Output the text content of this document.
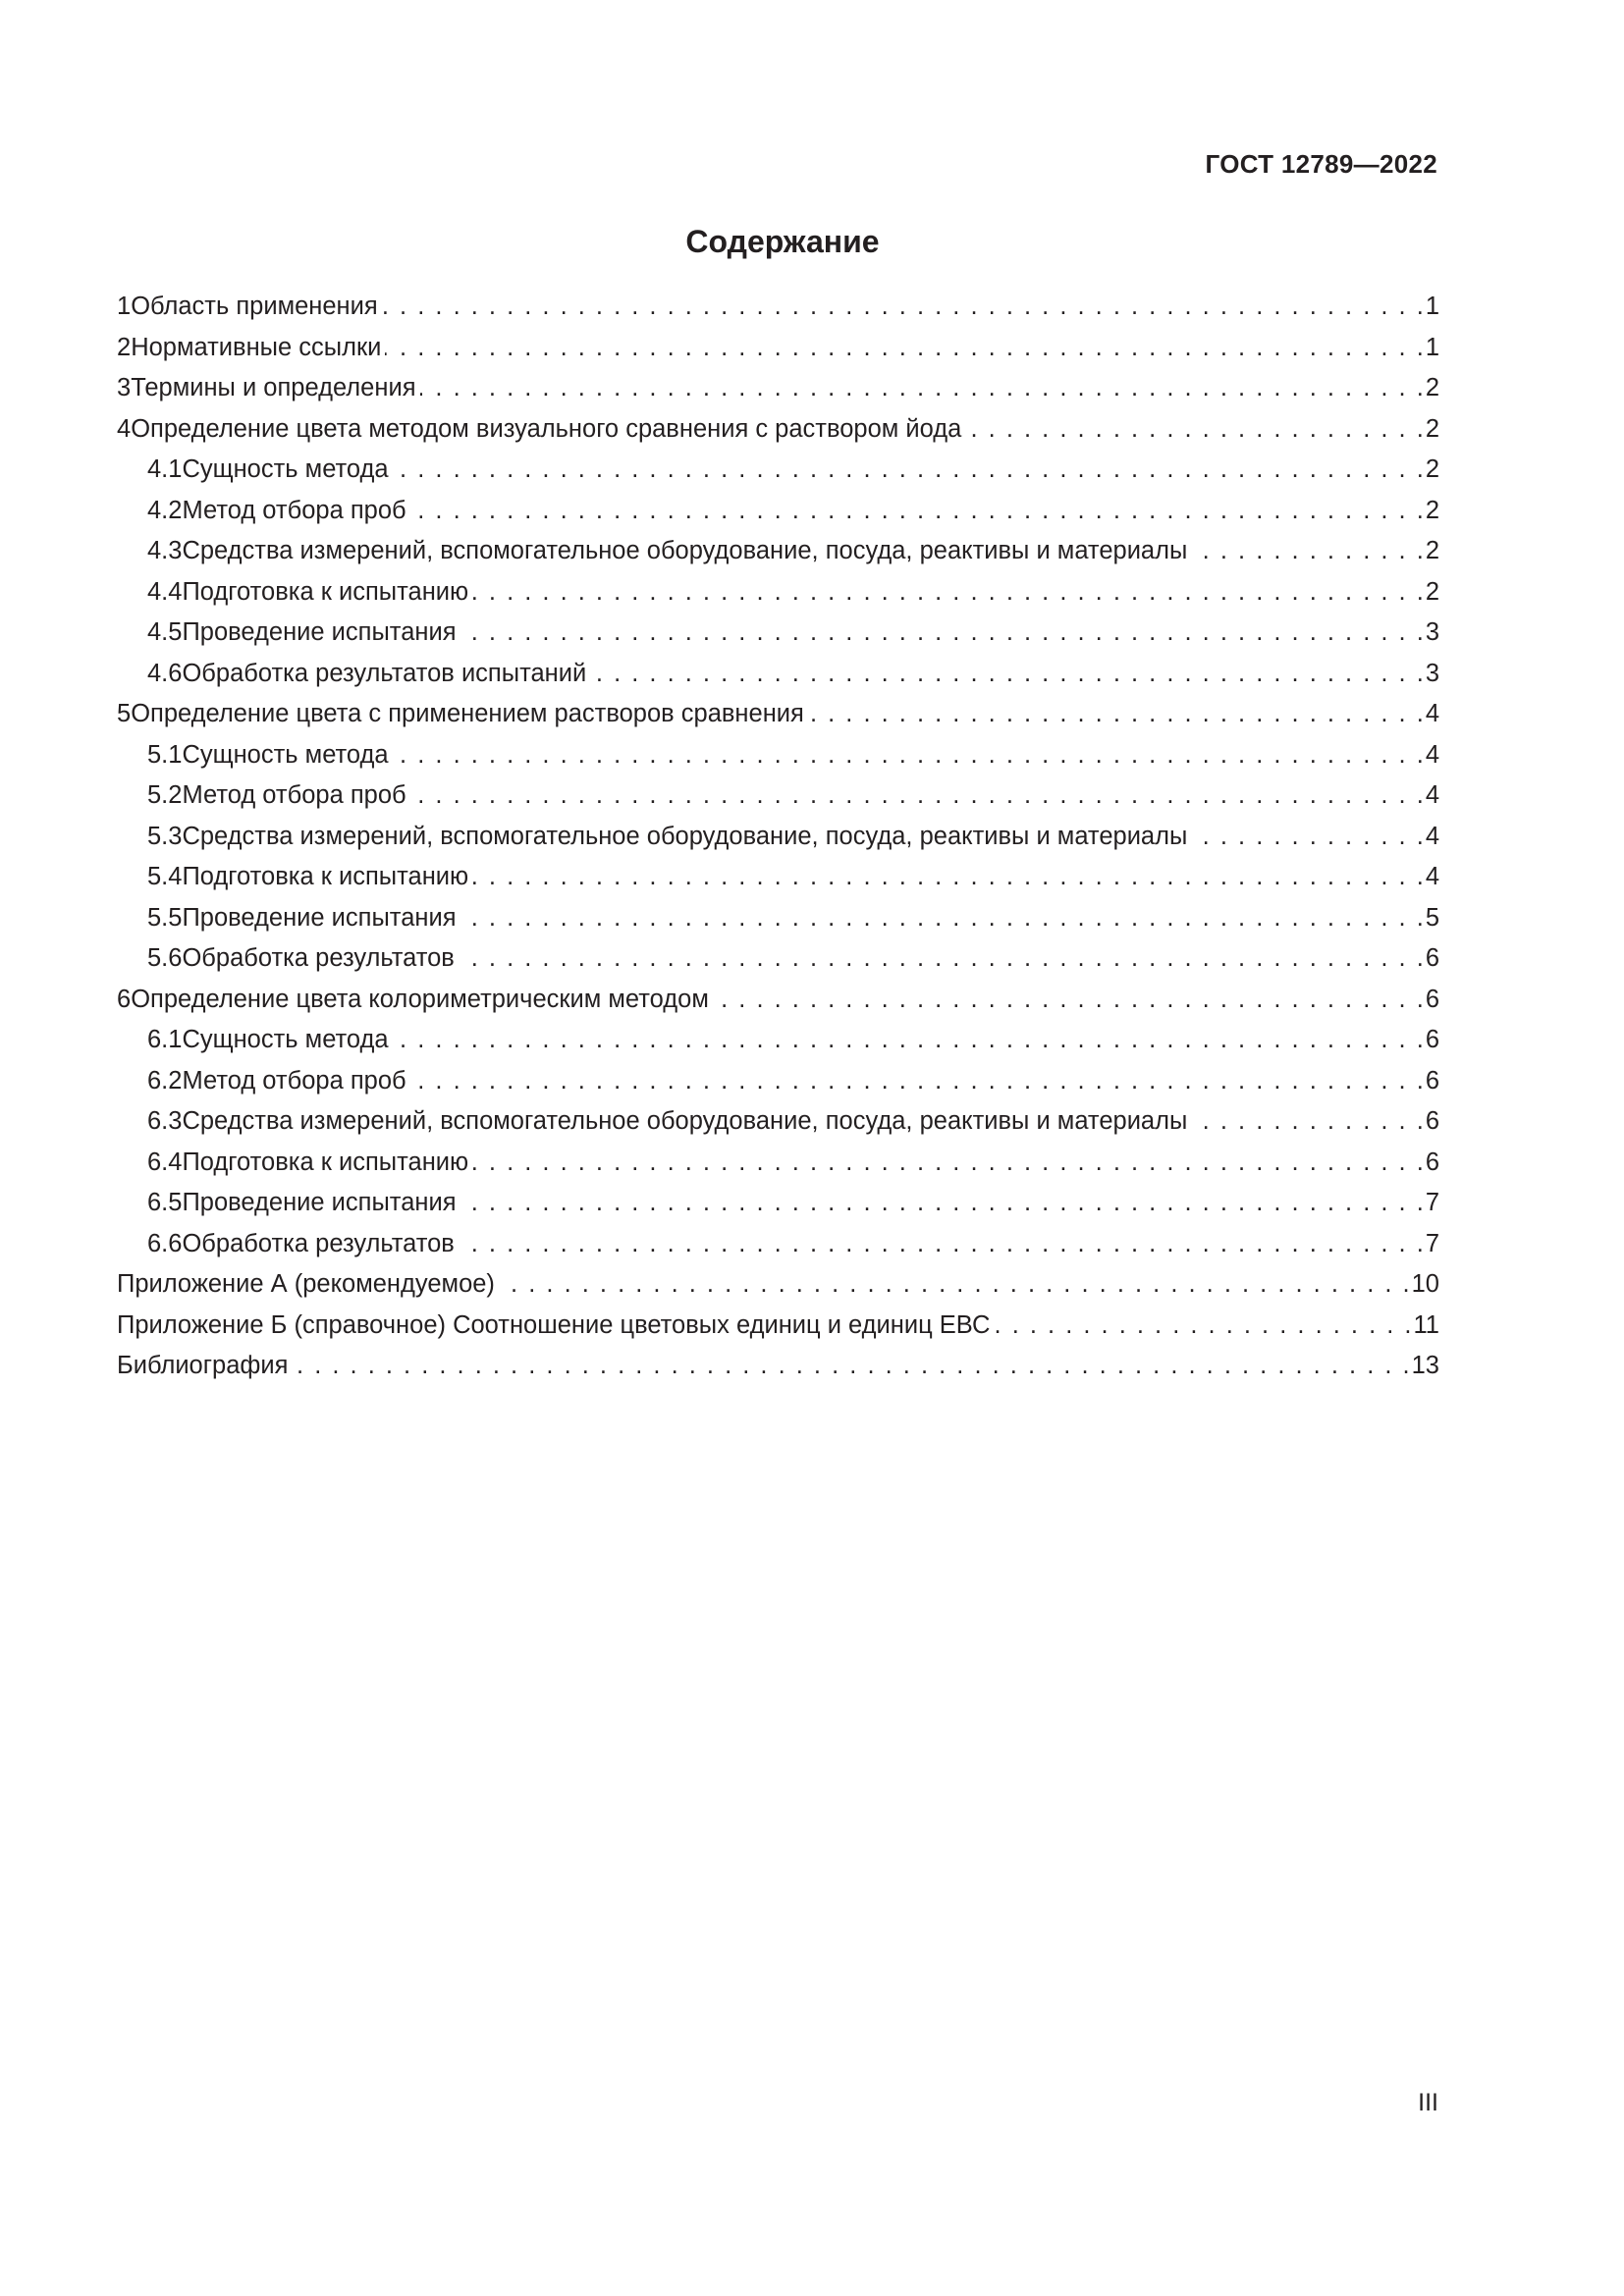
ГОСТ 12789—2022
Содержание
1 Область применения . . .	1
2 Нормативные ссылки . . .	1
3 Термины и определения . . .	2
4 Определение цвета методом визуального сравнения с раствором йода . . .	2
4.1 Сущность метода . . .	2
4.2 Метод отбора проб . . .	2
4.3 Средства измерений, вспомогательное оборудование, посуда, реактивы и материалы . . .	2
4.4 Подготовка к испытанию . . .	2
4.5 Проведение испытания . . .	3
4.6 Обработка результатов испытаний . . .	3
5 Определение цвета с применением растворов сравнения . . .	4
5.1 Сущность метода . . .	4
5.2 Метод отбора проб . . .	4
5.3 Средства измерений, вспомогательное оборудование, посуда, реактивы и материалы . . .	4
5.4 Подготовка к испытанию . . .	4
5.5 Проведение испытания . . .	5
5.6 Обработка результатов . . .	6
6 Определение цвета колориметрическим методом . . .	6
6.1 Сущность метода . . .	6
6.2 Метод отбора проб . . .	6
6.3 Средства измерений, вспомогательное оборудование, посуда, реактивы и материалы . . .	6
6.4 Подготовка к испытанию . . .	6
6.5 Проведение испытания . . .	7
6.6 Обработка результатов . . .	7
Приложение А (рекомендуемое) . . .	10
Приложение Б (справочное) Соотношение цветовых единиц и единиц ЕВС . . .	11
Библиография . . .	13
III
